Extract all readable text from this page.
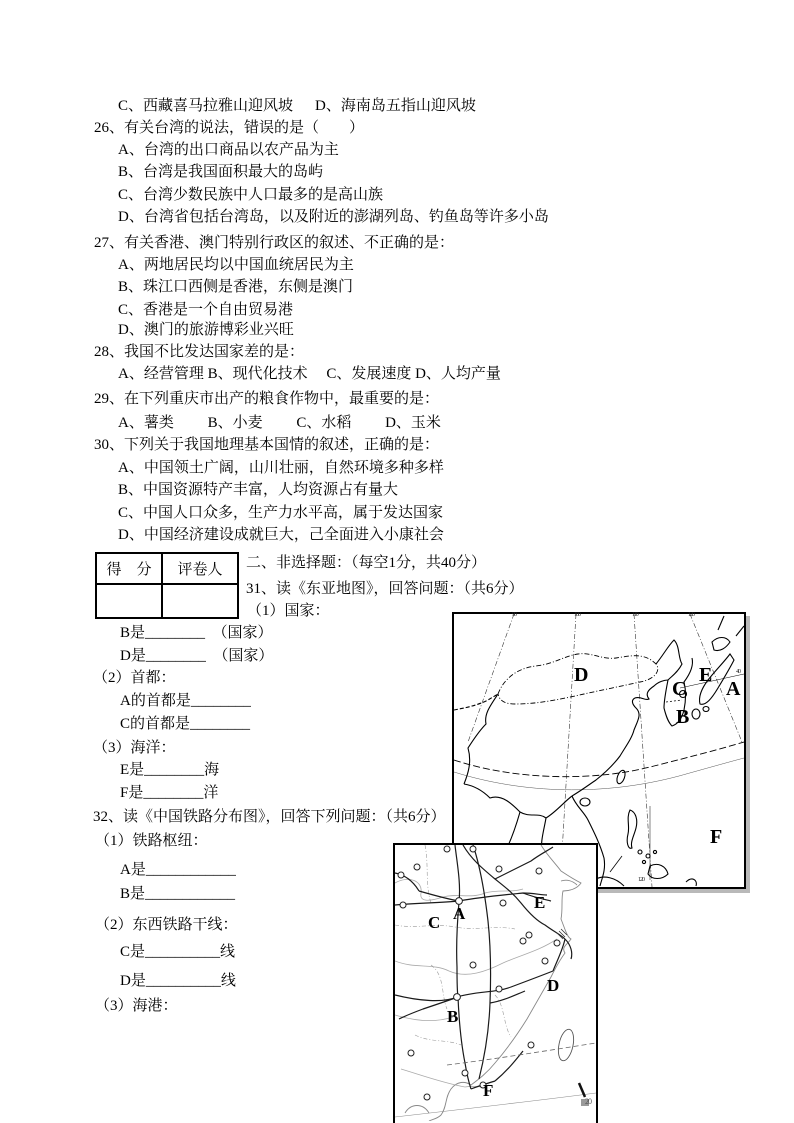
C、西藏喜马拉雅山迎风坡 D、海南岛五指山迎风坡
26、有关台湾的说法，错误的是（　　）
A、台湾的出口商品以农产品为主
B、台湾是我国面积最大的岛屿
C、台湾少数民族中人口最多的是高山族
D、台湾省包括台湾岛，以及附近的澎湖列岛、钓鱼岛等许多小岛
27、有关香港、澳门特别行政区的叙述、不正确的是：
A、两地居民均以中国血统居民为主
B、珠江口西侧是香港，东侧是澳门
C、香港是一个自由贸易港
D、澳门的旅游博彩业兴旺
28、我国不比发达国家差的是：
A、经营管理 B、现代化技术　 C、发展速度 D、人均产量
29、在下列重庆市出产的粮食作物中，最重要的是：
A、薯类　　 B、小麦　　 C、水稻　　 D、玉米
30、下列关于我国地理基本国情的叙述，正确的是：
A、中国领土广阔，山川壮丽，自然环境多种多样
B、中国资源特产丰富，人均资源占有量大
C、中国人口众多，生产力水平高，属于发达国家
D、中国经济建设成就巨大，己全面进入小康社会
得　分	评卷人
	二、非选择题：（每空1分，共40分）
31、读《东亚地图》，回答问题：（共6分）
（1）国家：
B是________　（国家）
D是________　（国家）
（2）首都：
A的首都是________
C的首都是________
（3）海洋：
E是________海
F是________洋
32、读《中国铁路分布图》，回答下列问题：（共6分）
（1）铁路枢纽：
A是____________
B是____________
（2）东西铁路干线：
C是__________线
D是__________线
（3）海港：
90	100	110	120
40
120
D	E
C A
B
F
C A
E
D
B
F
20
